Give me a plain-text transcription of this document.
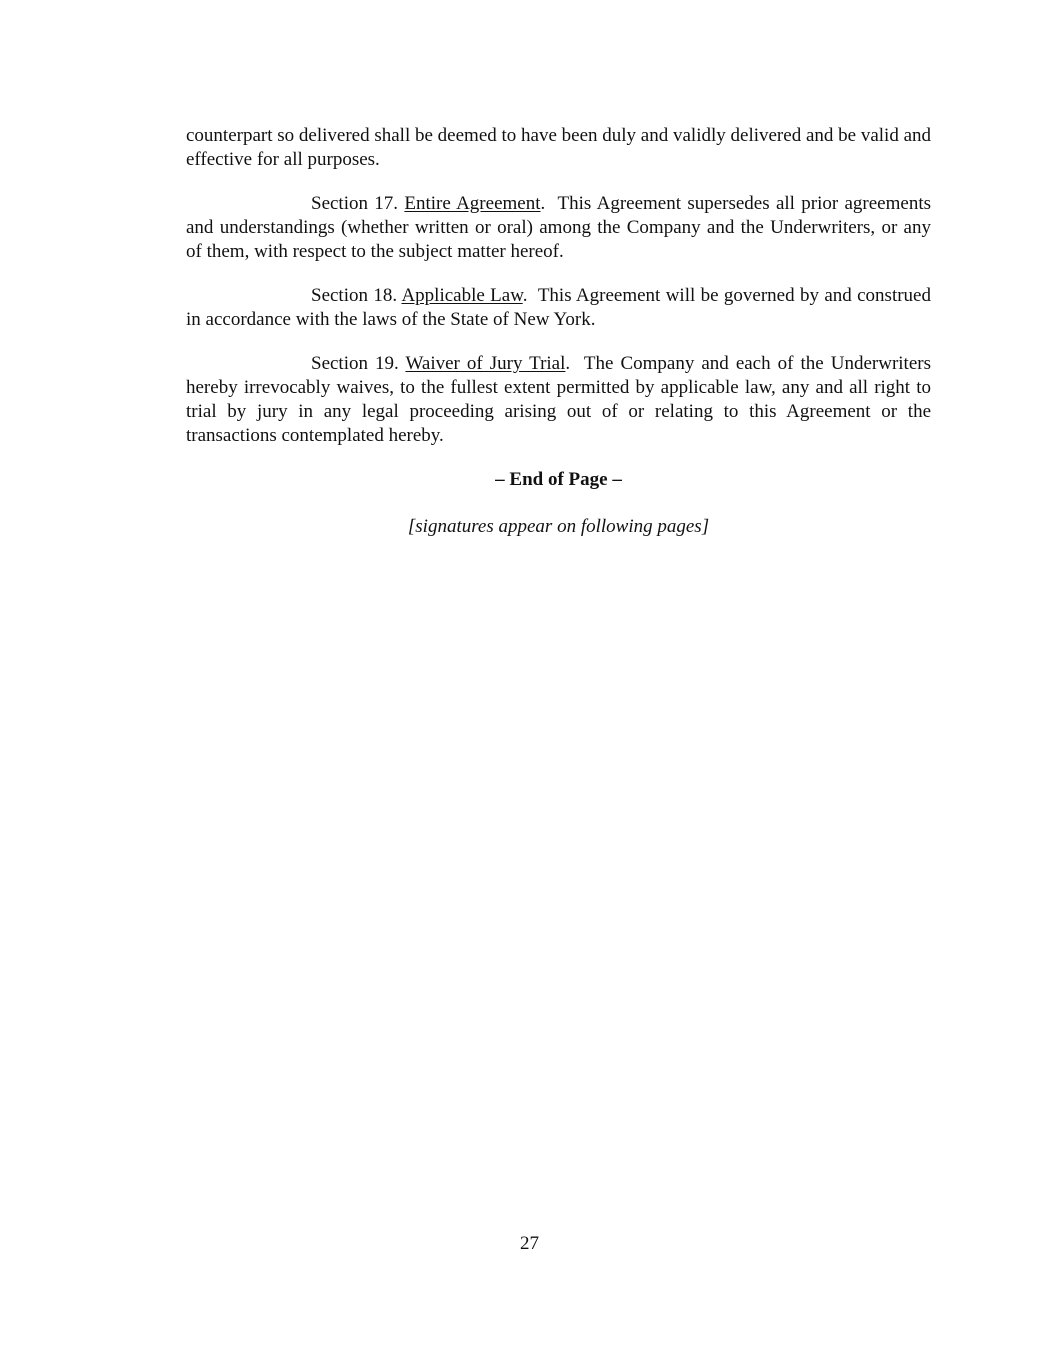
counterpart so delivered shall be deemed to have been duly and validly delivered and be valid and effective for all purposes.

Section 17. Entire Agreement.  This Agreement supersedes all prior agreements and understandings (whether written or oral) among the Company and the Underwriters, or any of them, with respect to the subject matter hereof.

Section 18. Applicable Law.  This Agreement will be governed by and construed in accordance with the laws of the State of New York.

Section 19. Waiver of Jury Trial.  The Company and each of the Underwriters hereby irrevocably waives, to the fullest extent permitted by applicable law, any and all right to trial by jury in any legal proceeding arising out of or relating to this Agreement or the transactions contemplated hereby.

– End of Page –

[signatures appear on following pages]

27
